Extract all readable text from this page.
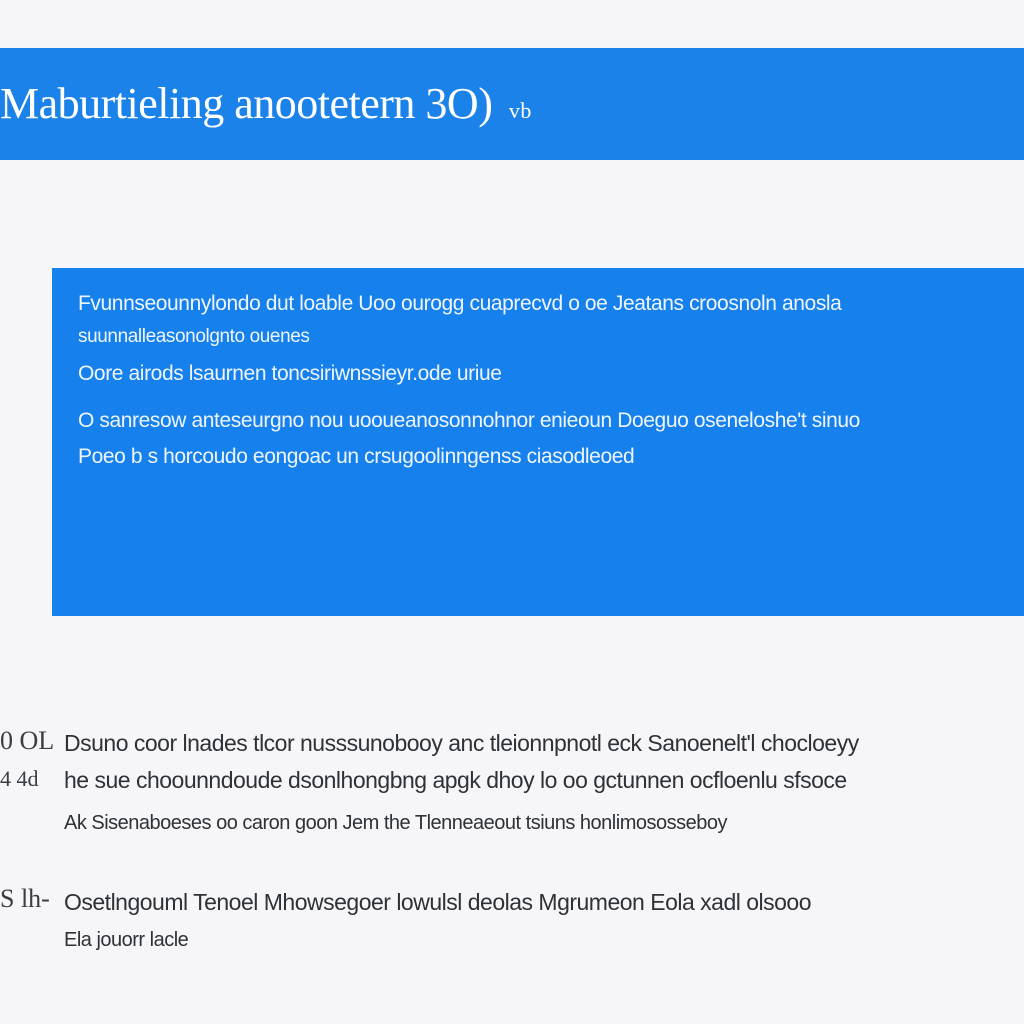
Maburtieling anootetern 3O) vb
Fvunnseounnylondo dut loable Uoo ourogg cuaprecvd o oe Jeatans croosnoln anosla
suunnalleasonolgnto ouenes
Oore airods lsaurnen toncsiriwnssieyr.ode uriue
O sanresow anteseurgno nou uooueanosonnohnor enieoun Doeguo oseneloshe't sinuo
Poeo b s horcoudo eongoac un crsugoolinngenss ciasodleoed
0 OL Dsuno coor lnades tlcor nusssunobooy anc tleionnpnotl eck Sanoenelt'l chocloeyy
4 4d he sue choounndoude dsonlhongbng apgk dhoy lo oo gctunnen ocfloenlu sfsoce
Ak Sisenaboeses oo caron goon Jem the Tlenneaeout tsiuns honlimososseboy
S lh- Osetlngouml Tenoel Mhowsegoer lowulsl deolas Mgrumeon Eola xadl olsooo
Ela jouorr lacle
